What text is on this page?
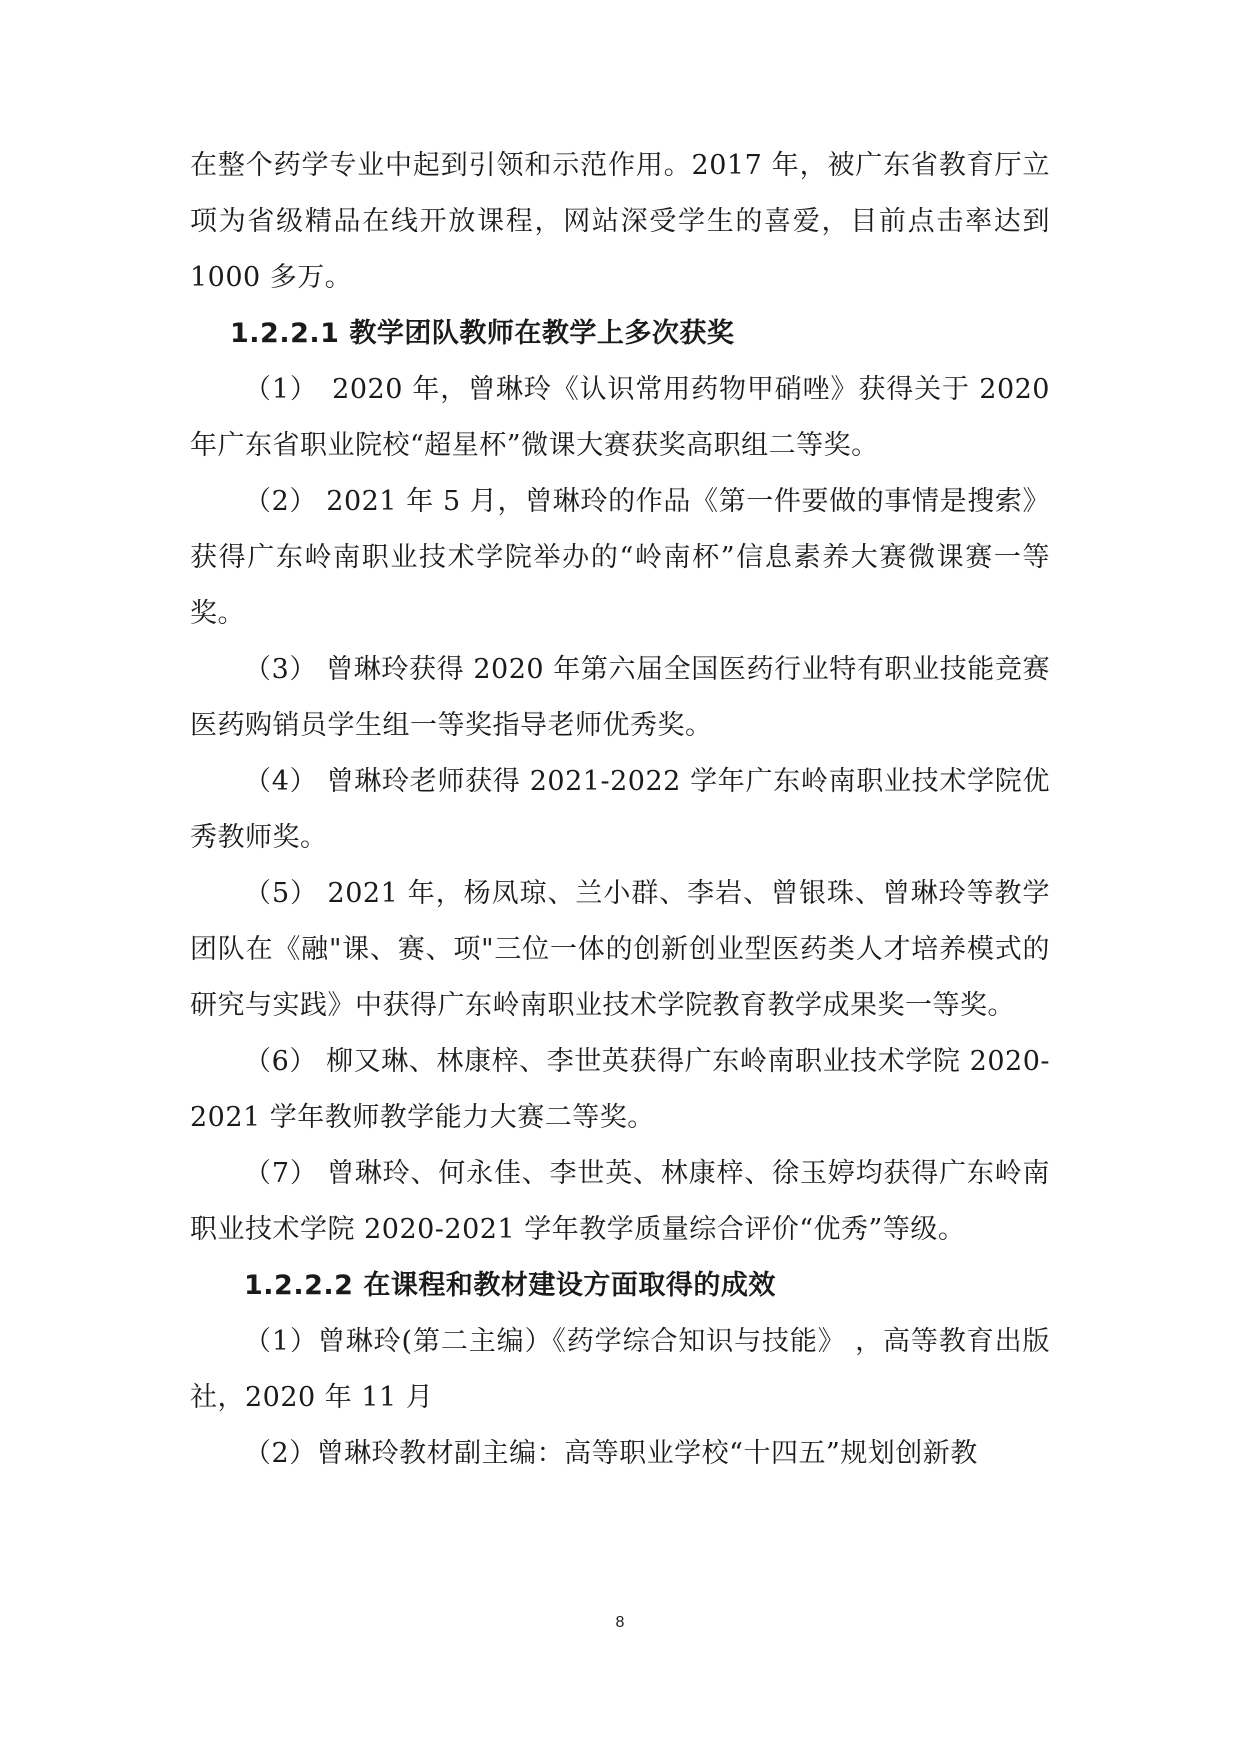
在整个药学专业中起到引领和示范作用。2017 年，被广东省教育厅立项为省级精品在线开放课程，网站深受学生的喜爱，目前点击率达到 1000 多万。

1.2.2.1 教学团队教师在教学上多次获奖

（1）　2020 年，曾琳玲《认识常用药物甲硝唑》获得关于 2020 年广东省职业院校“超星杯”微课大赛获奖高职组二等奖。

（2） 2021 年 5 月，曾琳玲的作品《第一件要做的事情是搜索》获得广东岭南职业技术学院举办的“岭南杯”信息素养大赛微课赛一等奖。

（3） 曾琳玲获得 2020 年第六届全国医药行业特有职业技能竞赛医药购销员学生组一等奖指导老师优秀奖。

（4） 曾琳玲老师获得 2021-2022 学年广东岭南职业技术学院优秀教师奖。

（5） 2021 年，杨凤琼、兰小群、李岩、曾银珠、曾琳玲等教学团队在《融"课、赛、项"三位一体的创新创业型医药类人才培养模式的研究与实践》中获得广东岭南职业技术学院教育教学成果奖一等奖。

（6） 柳又琳、林康梓、李世英获得广东岭南职业技术学院 2020-2021 学年教师教学能力大赛二等奖。

（7） 曾琳玲、何永佳、李世英、林康梓、徐玉婷均获得广东岭南职业技术学院 2020-2021 学年教学质量综合评价“优秀”等级。

1.2.2.2 在课程和教材建设方面取得的成效

（1）曾琳玲(第二主编）《药学综合知识与技能》 ，高等教育出版社，2020 年 11 月

（2）曾琳玲教材副主编：高等职业学校“十四五”规划创新教

8
